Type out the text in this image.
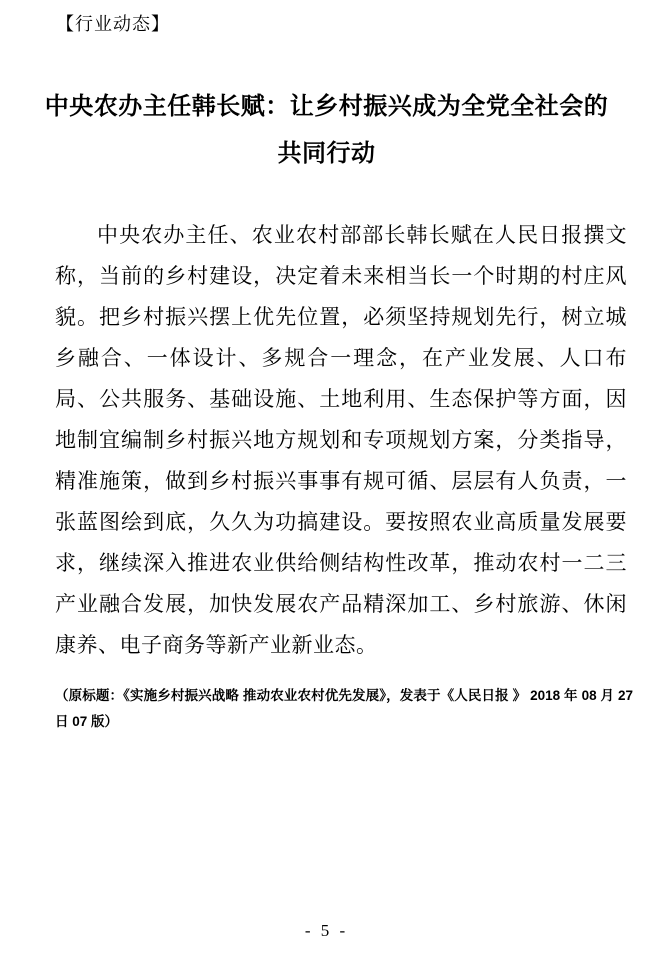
【行业动态】
中央农办主任韩长赋：让乡村振兴成为全党全社会的共同行动

中央农办主任、农业农村部部长韩长赋在人民日报撰文称，当前的乡村建设，决定着未来相当长一个时期的村庄风貌。把乡村振兴摆上优先位置，必须坚持规划先行，树立城乡融合、一体设计、多规合一理念，在产业发展、人口布局、公共服务、基础设施、土地利用、生态保护等方面，因地制宜编制乡村振兴地方规划和专项规划方案，分类指导，精准施策，做到乡村振兴事事有规可循、层层有人负责，一张蓝图绘到底，久久为功搞建设。要按照农业高质量发展要求，继续深入推进农业供给侧结构性改革，推动农村一二三产业融合发展，加快发展农产品精深加工、乡村旅游、休闲康养、电子商务等新产业新业态。

（原标题：《实施乡村振兴战略 推动农业农村优先发展》，发表于《人民日报 》 2018 年 08 月 27 日 07 版）

- 5 -
